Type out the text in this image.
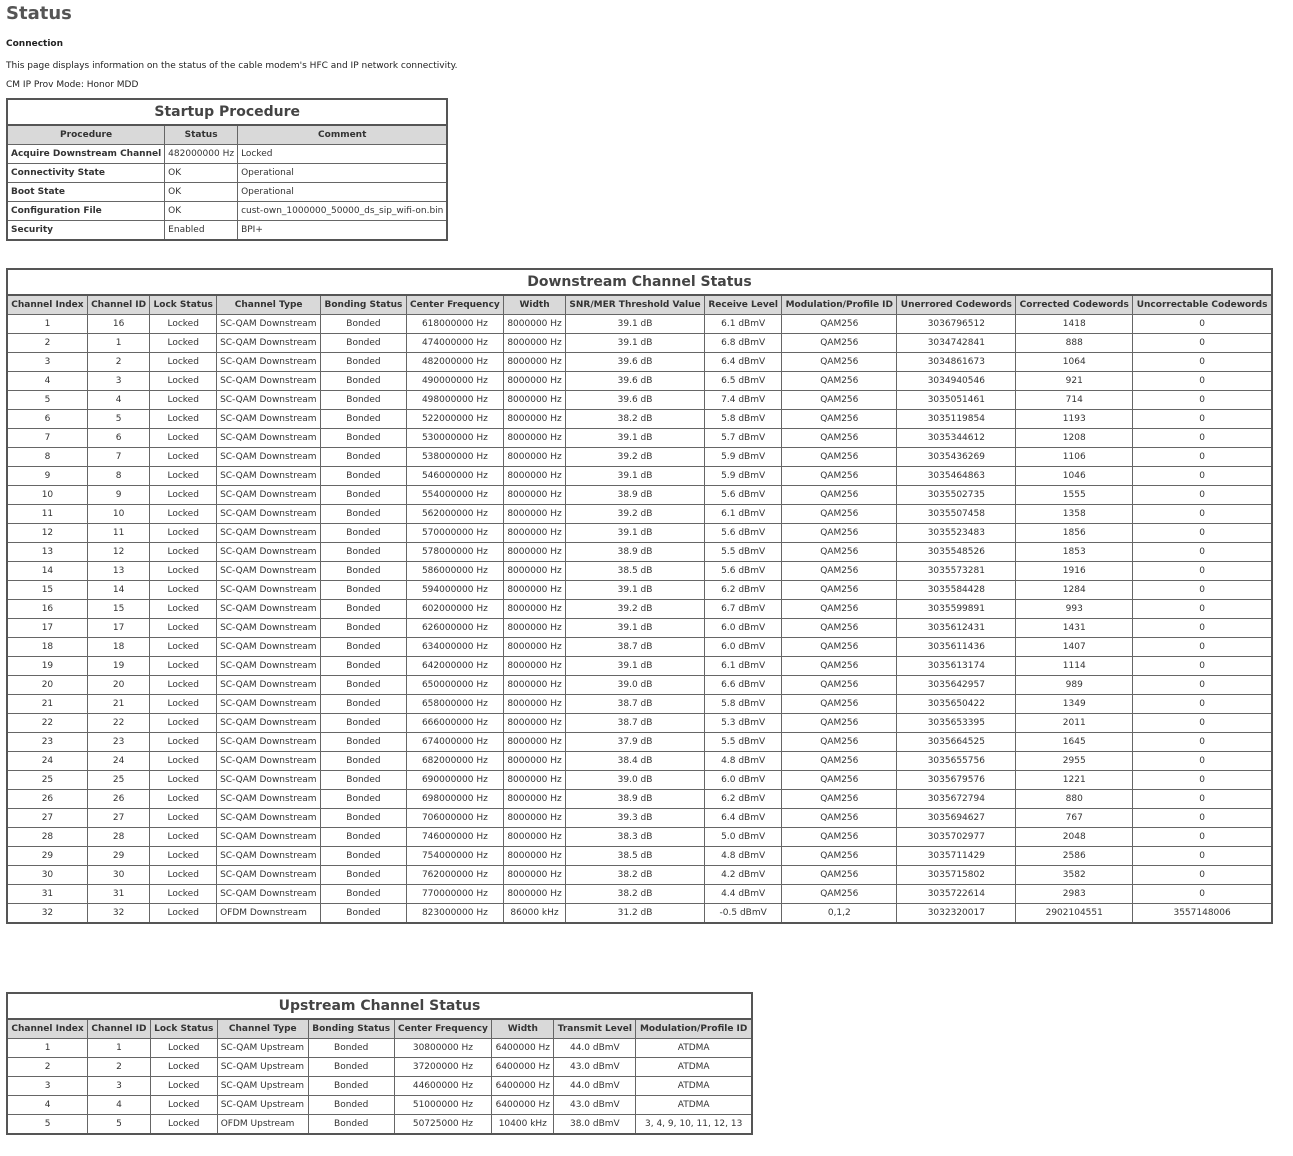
Status
Connection
This page displays information on the status of the cable modem's HFC and IP network connectivity.
CM IP Prov Mode: Honor MDD
Startup Procedure		
Procedure	Status	Comment
Acquire Downstream Channel	482000000 Hz	Locked
Connectivity State	OK	Operational
Boot State	OK	Operational
Configuration File	OK	cust-own_1000000_50000_ds_sip_wifi-on.bin
Security	Enabled	BPI+
Downstream Channel Status												
Channel Index	Channel ID	Lock Status	Channel Type	Bonding Status	Center Frequency	Width	SNR/MER Threshold Value	Receive Level	Modulation/Profile ID	Unerrored Codewords	Corrected Codewords	Uncorrectable Codewords
1	16	Locked	SC-QAM Downstream	Bonded	618000000 Hz	8000000 Hz	39.1 dB	6.1 dBmV	QAM256	3036796512	1418	0
2	1	Locked	SC-QAM Downstream	Bonded	474000000 Hz	8000000 Hz	39.1 dB	6.8 dBmV	QAM256	3034742841	888	0
3	2	Locked	SC-QAM Downstream	Bonded	482000000 Hz	8000000 Hz	39.6 dB	6.4 dBmV	QAM256	3034861673	1064	0
4	3	Locked	SC-QAM Downstream	Bonded	490000000 Hz	8000000 Hz	39.6 dB	6.5 dBmV	QAM256	3034940546	921	0
5	4	Locked	SC-QAM Downstream	Bonded	498000000 Hz	8000000 Hz	39.6 dB	7.4 dBmV	QAM256	3035051461	714	0
6	5	Locked	SC-QAM Downstream	Bonded	522000000 Hz	8000000 Hz	38.2 dB	5.8 dBmV	QAM256	3035119854	1193	0
7	6	Locked	SC-QAM Downstream	Bonded	530000000 Hz	8000000 Hz	39.1 dB	5.7 dBmV	QAM256	3035344612	1208	0
8	7	Locked	SC-QAM Downstream	Bonded	538000000 Hz	8000000 Hz	39.2 dB	5.9 dBmV	QAM256	3035436269	1106	0
9	8	Locked	SC-QAM Downstream	Bonded	546000000 Hz	8000000 Hz	39.1 dB	5.9 dBmV	QAM256	3035464863	1046	0
10	9	Locked	SC-QAM Downstream	Bonded	554000000 Hz	8000000 Hz	38.9 dB	5.6 dBmV	QAM256	3035502735	1555	0
11	10	Locked	SC-QAM Downstream	Bonded	562000000 Hz	8000000 Hz	39.2 dB	6.1 dBmV	QAM256	3035507458	1358	0
12	11	Locked	SC-QAM Downstream	Bonded	570000000 Hz	8000000 Hz	39.1 dB	5.6 dBmV	QAM256	3035523483	1856	0
13	12	Locked	SC-QAM Downstream	Bonded	578000000 Hz	8000000 Hz	38.9 dB	5.5 dBmV	QAM256	3035548526	1853	0
14	13	Locked	SC-QAM Downstream	Bonded	586000000 Hz	8000000 Hz	38.5 dB	5.6 dBmV	QAM256	3035573281	1916	0
15	14	Locked	SC-QAM Downstream	Bonded	594000000 Hz	8000000 Hz	39.1 dB	6.2 dBmV	QAM256	3035584428	1284	0
16	15	Locked	SC-QAM Downstream	Bonded	602000000 Hz	8000000 Hz	39.2 dB	6.7 dBmV	QAM256	3035599891	993	0
17	17	Locked	SC-QAM Downstream	Bonded	626000000 Hz	8000000 Hz	39.1 dB	6.0 dBmV	QAM256	3035612431	1431	0
18	18	Locked	SC-QAM Downstream	Bonded	634000000 Hz	8000000 Hz	38.7 dB	6.0 dBmV	QAM256	3035611436	1407	0
19	19	Locked	SC-QAM Downstream	Bonded	642000000 Hz	8000000 Hz	39.1 dB	6.1 dBmV	QAM256	3035613174	1114	0
20	20	Locked	SC-QAM Downstream	Bonded	650000000 Hz	8000000 Hz	39.0 dB	6.6 dBmV	QAM256	3035642957	989	0
21	21	Locked	SC-QAM Downstream	Bonded	658000000 Hz	8000000 Hz	38.7 dB	5.8 dBmV	QAM256	3035650422	1349	0
22	22	Locked	SC-QAM Downstream	Bonded	666000000 Hz	8000000 Hz	38.7 dB	5.3 dBmV	QAM256	3035653395	2011	0
23	23	Locked	SC-QAM Downstream	Bonded	674000000 Hz	8000000 Hz	37.9 dB	5.5 dBmV	QAM256	3035664525	1645	0
24	24	Locked	SC-QAM Downstream	Bonded	682000000 Hz	8000000 Hz	38.4 dB	4.8 dBmV	QAM256	3035655756	2955	0
25	25	Locked	SC-QAM Downstream	Bonded	690000000 Hz	8000000 Hz	39.0 dB	6.0 dBmV	QAM256	3035679576	1221	0
26	26	Locked	SC-QAM Downstream	Bonded	698000000 Hz	8000000 Hz	38.9 dB	6.2 dBmV	QAM256	3035672794	880	0
27	27	Locked	SC-QAM Downstream	Bonded	706000000 Hz	8000000 Hz	39.3 dB	6.4 dBmV	QAM256	3035694627	767	0
28	28	Locked	SC-QAM Downstream	Bonded	746000000 Hz	8000000 Hz	38.3 dB	5.0 dBmV	QAM256	3035702977	2048	0
29	29	Locked	SC-QAM Downstream	Bonded	754000000 Hz	8000000 Hz	38.5 dB	4.8 dBmV	QAM256	3035711429	2586	0
30	30	Locked	SC-QAM Downstream	Bonded	762000000 Hz	8000000 Hz	38.2 dB	4.2 dBmV	QAM256	3035715802	3582	0
31	31	Locked	SC-QAM Downstream	Bonded	770000000 Hz	8000000 Hz	38.2 dB	4.4 dBmV	QAM256	3035722614	2983	0
32	32	Locked	OFDM Downstream	Bonded	823000000 Hz	86000 kHz	31.2 dB	-0.5 dBmV	0,1,2	3032320017	2902104551	3557148006
Upstream Channel Status								
Channel Index	Channel ID	Lock Status	Channel Type	Bonding Status	Center Frequency	Width	Transmit Level	Modulation/Profile ID
1	1	Locked	SC-QAM Upstream	Bonded	30800000 Hz	6400000 Hz	44.0 dBmV	ATDMA
2	2	Locked	SC-QAM Upstream	Bonded	37200000 Hz	6400000 Hz	43.0 dBmV	ATDMA
3	3	Locked	SC-QAM Upstream	Bonded	44600000 Hz	6400000 Hz	44.0 dBmV	ATDMA
4	4	Locked	SC-QAM Upstream	Bonded	51000000 Hz	6400000 Hz	43.0 dBmV	ATDMA
5	5	Locked	OFDM Upstream	Bonded	50725000 Hz	10400 kHz	38.0 dBmV	3, 4, 9, 10, 11, 12, 13
